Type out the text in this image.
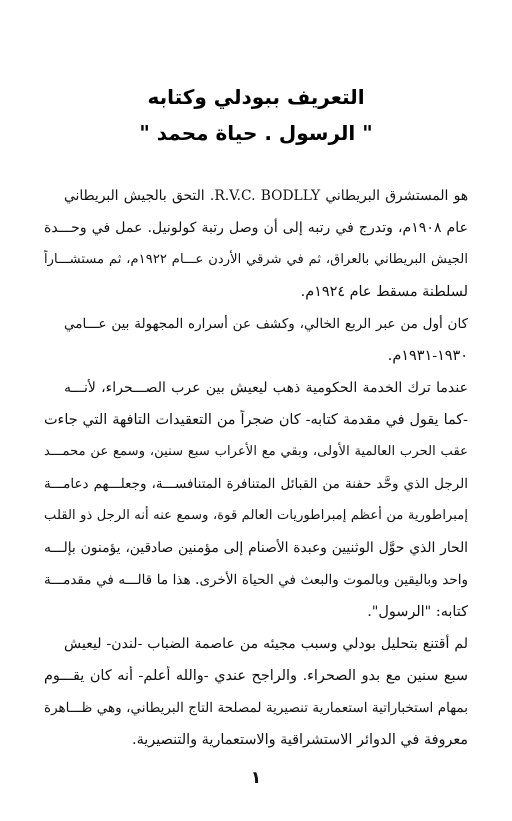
التعريف ببودلي وكتابه
" الرسول . حياة محمد "
هو المستشرق البريطاني R.V.C. BODLLY. التحق بالجيش البريطاني
عام ١٩٠٨م، وتدرج في رتبه إلى أن وصل رتبة كولونيل. عمل في وحـــدة
الجيش البريطاني بالعراق، ثم في شرقي الأردن عـــام ١٩٢٢م، ثم مستشـــاراً
لسلطنة مسقط عام ١٩٢٤م.
كان أول من عبر الربع الخالي، وكشف عن أسراره المجهولة بين عـــامي
١٩٣٠-١٩٣١م.
عندما ترك الخدمة الحكومية ذهب ليعيش بين عرب الصـــحراء، لأنـــه
-كما يقول في مقدمة كتابه- كان ضجراً من التعقيدات التافهة التي جاءت
عقب الحرب العالمية الأولى، وبقي مع الأعراب سبع سنين، وسمع عن محمـــد
الرجل الذي وحَّد حفنة من القبائل المتنافرة المتنافســـة، وجعلـــهم دعامـــة
إمبراطورية من أعظم إمبراطوريات العالم قوة، وسمع عنه أنه الرجل ذو القلب
الحار الذي حوَّل الوثنيين وعبدة الأصنام إلى مؤمنين صادقين، يؤمنون بإلـــه
واحد وباليقين وبالموت والبعث في الحياة الأخرى. هذا ما قالـــه في مقدمـــة
كتابه: "الرسول".
لم أقتنع بتحليل بودلي وسبب مجيئه من عاصمة الضباب -لندن- ليعيش
سبع سنين مع بدو الصحراء. والراجح عندي -والله أعلم- أنه كان يقـــوم
بمهام استخباراتية استعمارية تنصيرية لمصلحة التاج البريطاني، وهي ظـــاهرة
معروفة في الدوائر الاستشراقية والاستعمارية والتنصيرية.
١
